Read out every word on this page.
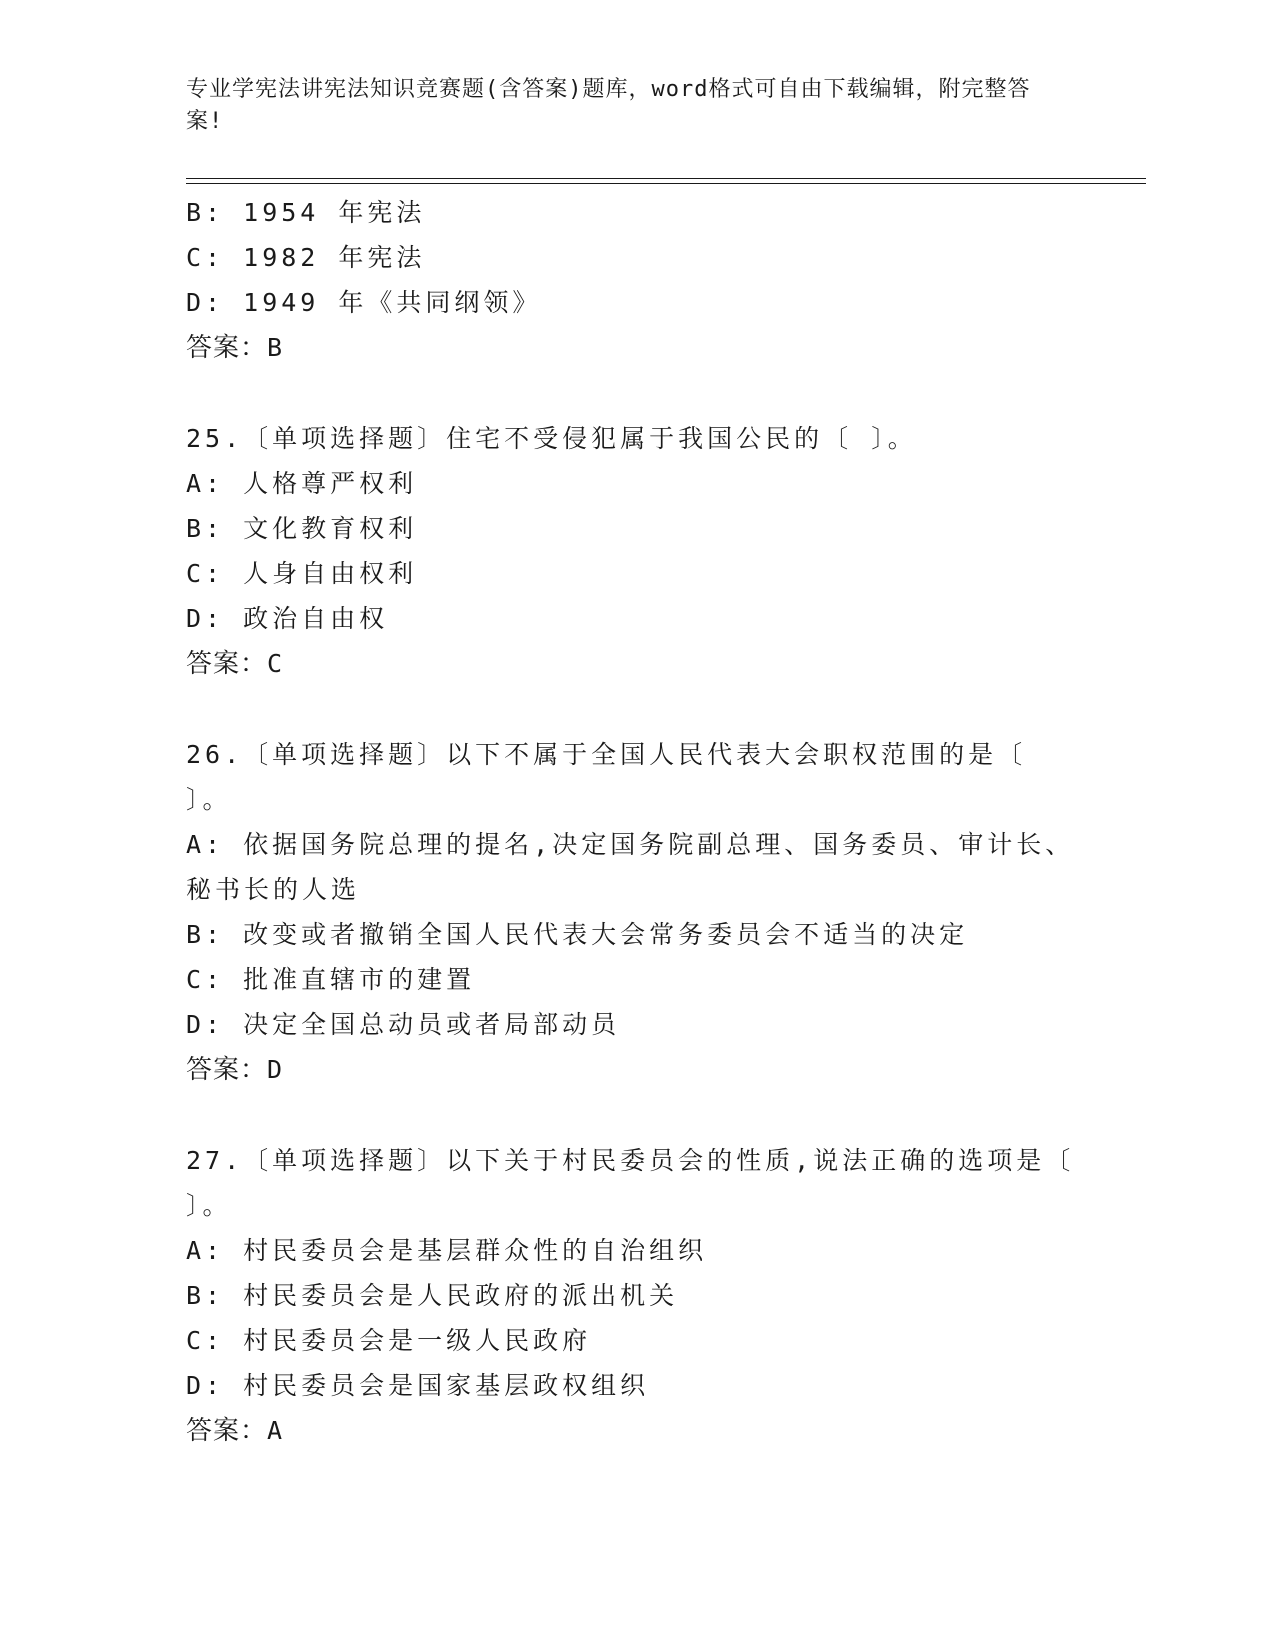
专业学宪法讲宪法知识竞赛题(含答案)题库，word格式可自由下载编辑，附完整答案!
B: 1954 年宪法
C: 1982 年宪法
D: 1949 年《共同纲领》
答案：B
25.〔单项选择题〕住宅不受侵犯属于我国公民的〔 〕。
A: 人格尊严权利
B: 文化教育权利
C: 人身自由权利
D: 政治自由权
答案：C
26.〔单项选择题〕以下不属于全国人民代表大会职权范围的是〔
〕。
A: 依据国务院总理的提名,决定国务院副总理、国务委员、审计长、
秘书长的人选
B: 改变或者撤销全国人民代表大会常务委员会不适当的决定
C: 批准直辖市的建置
D: 决定全国总动员或者局部动员
答案：D
27.〔单项选择题〕以下关于村民委员会的性质,说法正确的选项是〔
〕。
A: 村民委员会是基层群众性的自治组织
B: 村民委员会是人民政府的派出机关
C: 村民委员会是一级人民政府
D: 村民委员会是国家基层政权组织
答案：A
